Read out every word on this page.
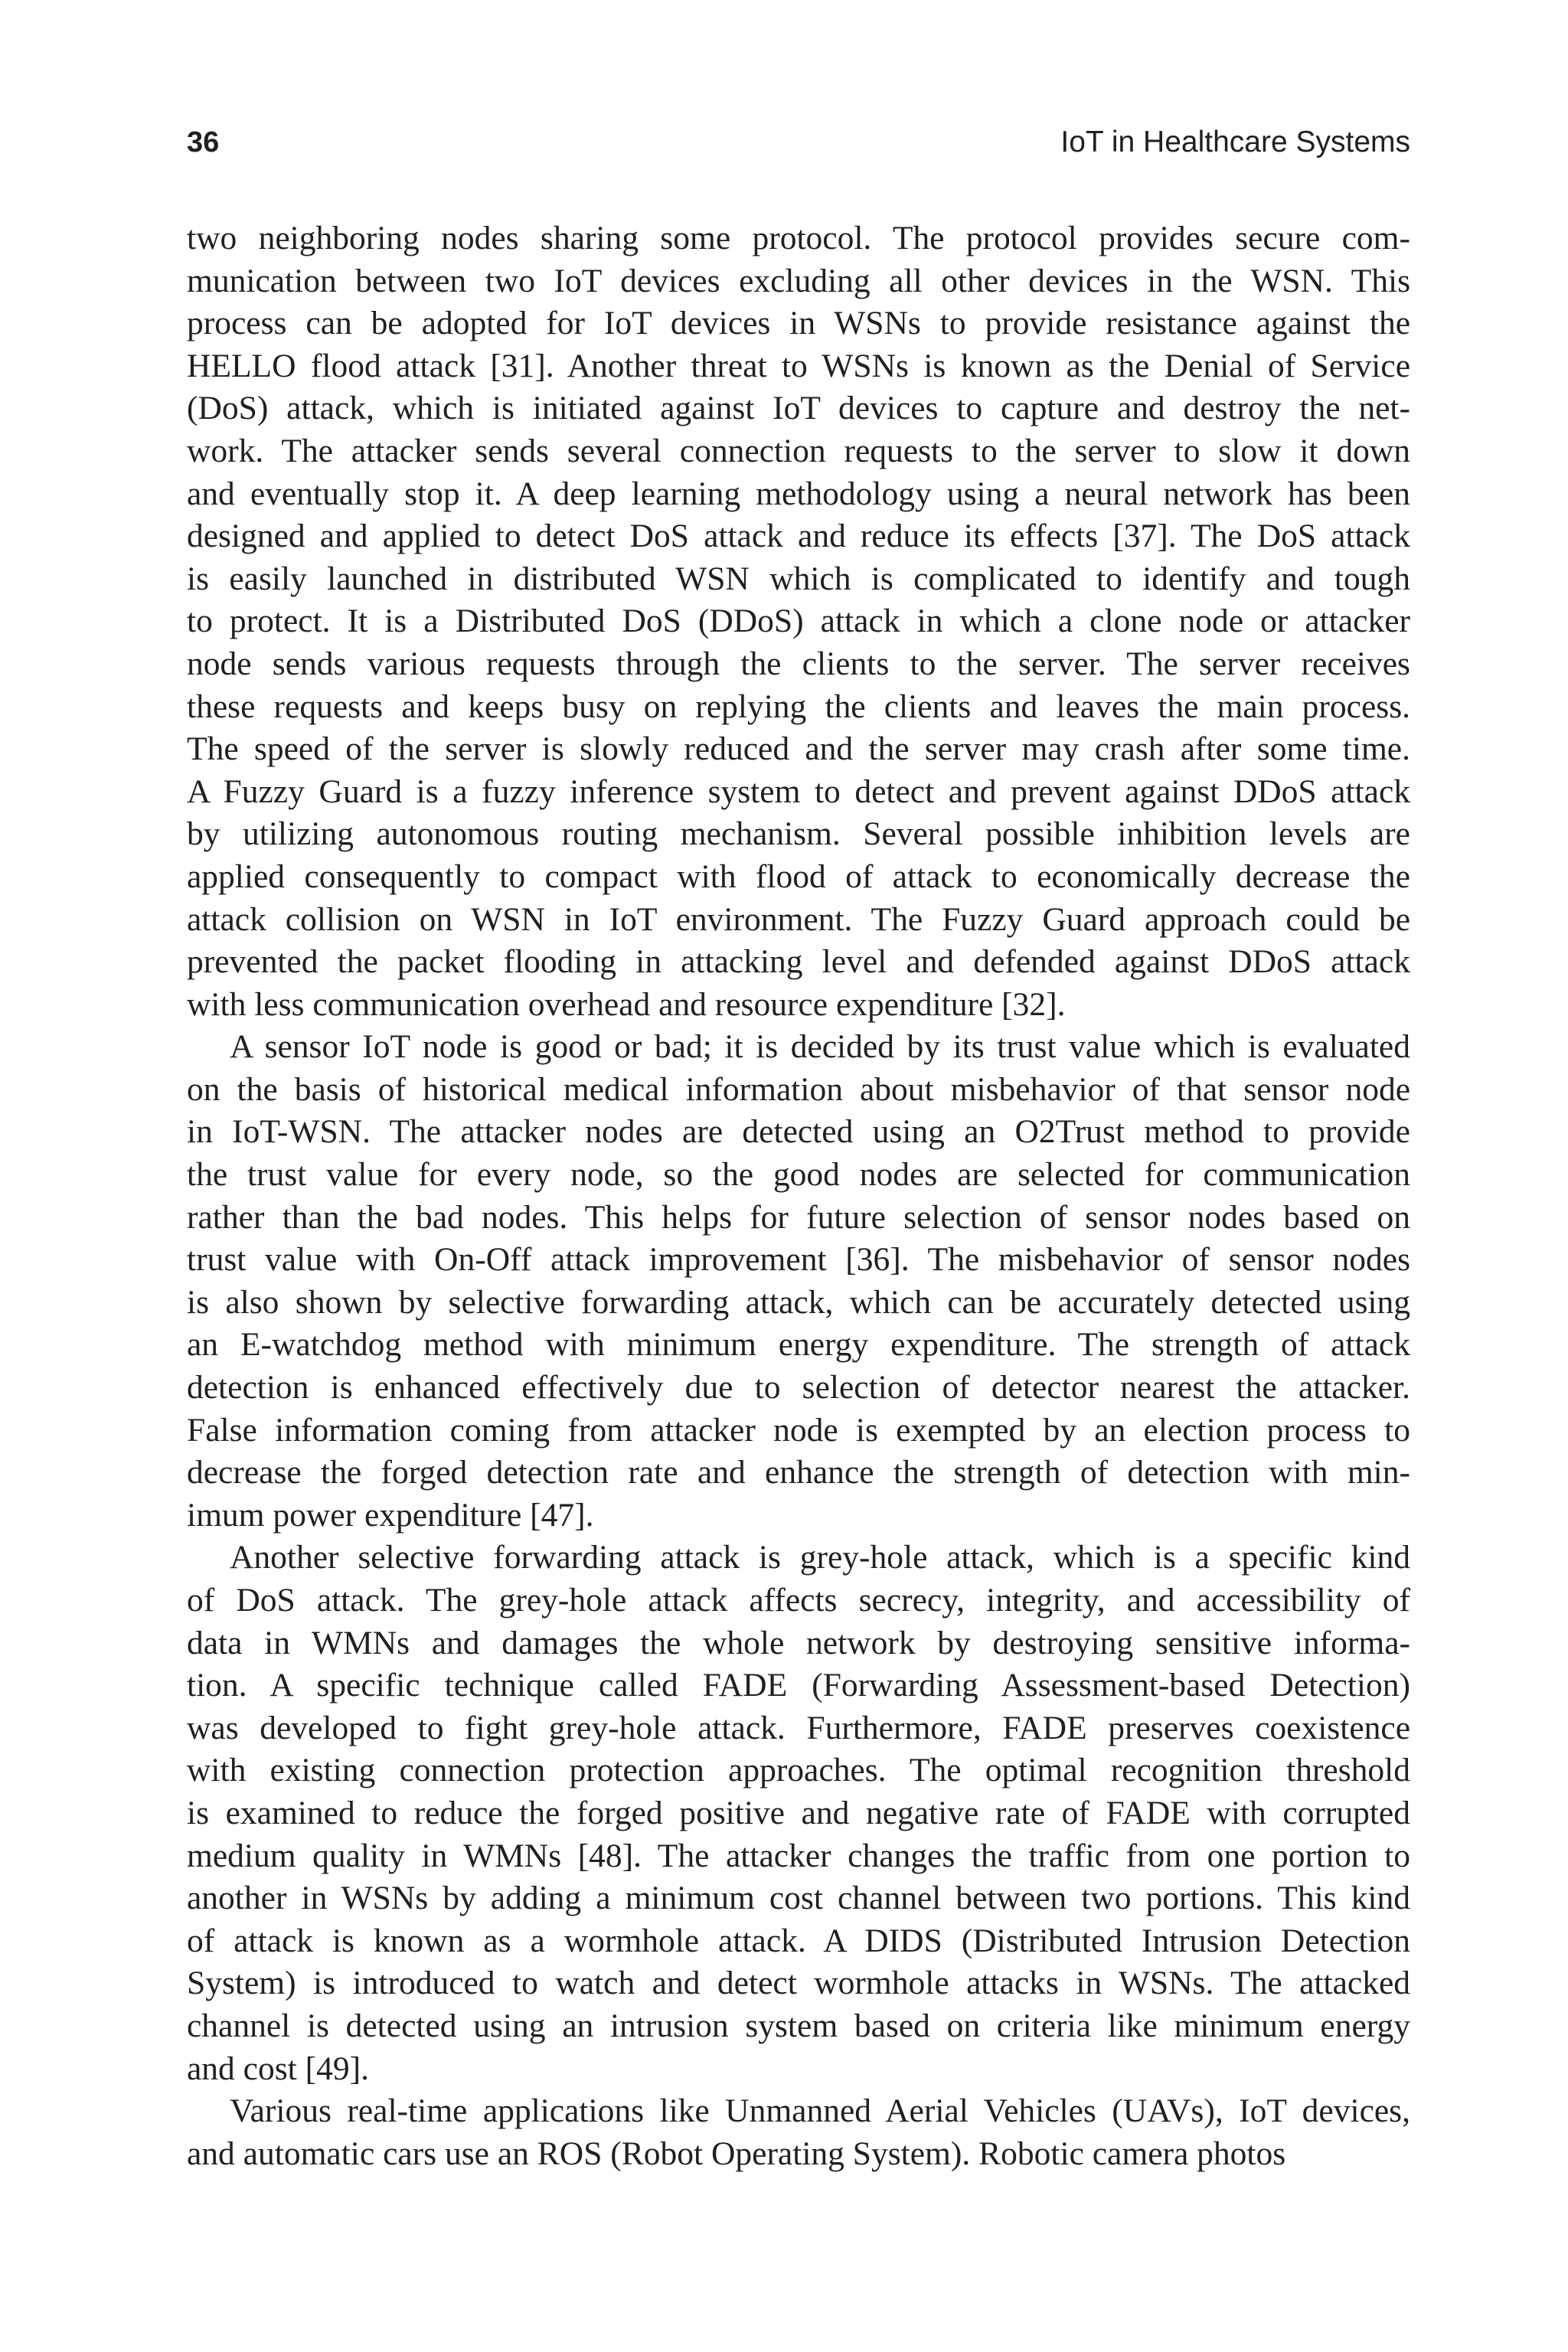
36	IoT in Healthcare Systems
two neighboring nodes sharing some protocol. The protocol provides secure com-
munication between two IoT devices excluding all other devices in the WSN. This
process can be adopted for IoT devices in WSNs to provide resistance against the
HELLO flood attack [31]. Another threat to WSNs is known as the Denial of Service
(DoS) attack, which is initiated against IoT devices to capture and destroy the net-
work. The attacker sends several connection requests to the server to slow it down
and eventually stop it. A deep learning methodology using a neural network has been
designed and applied to detect DoS attack and reduce its effects [37]. The DoS attack
is easily launched in distributed WSN which is complicated to identify and tough
to protect. It is a Distributed DoS (DDoS) attack in which a clone node or attacker
node sends various requests through the clients to the server. The server receives
these requests and keeps busy on replying the clients and leaves the main process.
The speed of the server is slowly reduced and the server may crash after some time.
A Fuzzy Guard is a fuzzy inference system to detect and prevent against DDoS attack
by utilizing autonomous routing mechanism. Several possible inhibition levels are
applied consequently to compact with flood of attack to economically decrease the
attack collision on WSN in IoT environment. The Fuzzy Guard approach could be
prevented the packet flooding in attacking level and defended against DDoS attack
with less communication overhead and resource expenditure [32].
A sensor IoT node is good or bad; it is decided by its trust value which is evaluated
on the basis of historical medical information about misbehavior of that sensor node
in IoT-WSN. The attacker nodes are detected using an O2Trust method to provide
the trust value for every node, so the good nodes are selected for communication
rather than the bad nodes. This helps for future selection of sensor nodes based on
trust value with On-Off attack improvement [36]. The misbehavior of sensor nodes
is also shown by selective forwarding attack, which can be accurately detected using
an E-watchdog method with minimum energy expenditure. The strength of attack
detection is enhanced effectively due to selection of detector nearest the attacker.
False information coming from attacker node is exempted by an election process to
decrease the forged detection rate and enhance the strength of detection with min-
imum power expenditure [47].
Another selective forwarding attack is grey-hole attack, which is a specific kind
of DoS attack. The grey-hole attack affects secrecy, integrity, and accessibility of
data in WMNs and damages the whole network by destroying sensitive informa-
tion. A specific technique called FADE (Forwarding Assessment-based Detection)
was developed to fight grey-hole attack. Furthermore, FADE preserves coexistence
with existing connection protection approaches. The optimal recognition threshold
is examined to reduce the forged positive and negative rate of FADE with corrupted
medium quality in WMNs [48]. The attacker changes the traffic from one portion to
another in WSNs by adding a minimum cost channel between two portions. This kind
of attack is known as a wormhole attack. A DIDS (Distributed Intrusion Detection
System) is introduced to watch and detect wormhole attacks in WSNs. The attacked
channel is detected using an intrusion system based on criteria like minimum energy
and cost [49].
Various real-time applications like Unmanned Aerial Vehicles (UAVs), IoT devices,
and automatic cars use an ROS (Robot Operating System). Robotic camera photos
